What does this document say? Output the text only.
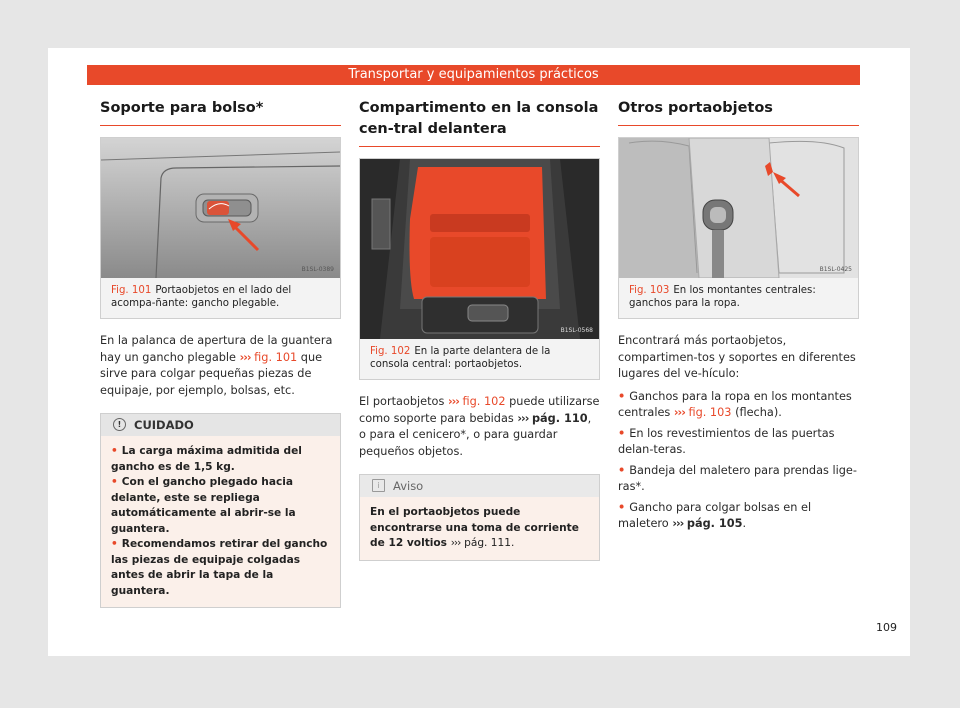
Transportar y equipamientos prácticos
Soporte para bolso*
B1SL-0389
Fig. 101 Portaobjetos en el lado del acompa-ñante: gancho plegable.
En la palanca de apertura de la guantera hay un gancho plegable ››› fig. 101 que sirve para colgar pequeñas piezas de equipaje, por ejemplo, bolsas, etc.
! CUIDADO
• La carga máxima admitida del gancho es de 1,5 kg.
• Con el gancho plegado hacia delante, este se repliega automáticamente al abrir-se la guantera.
• Recomendamos retirar del gancho las piezas de equipaje colgadas antes de abrir la tapa de la guantera.
Compartimento en la consola cen-tral delantera
B1SL-0568
Fig. 102 En la parte delantera de la consola central: portaobjetos.
El portaobjetos ››› fig. 102 puede utilizarse como soporte para bebidas ››› pág. 110, o para el cenicero*, o para guardar pequeños objetos.
i Aviso
En el portaobjetos puede encontrarse una toma de corriente de 12 voltios ››› pág. 111.
Otros portaobjetos
B1SL-0425
Fig. 103 En los montantes centrales: ganchos para la ropa.
Encontrará más portaobjetos, compartimen-tos y soportes en diferentes lugares del ve-hículo:
• Ganchos para la ropa en los montantes centrales ››› fig. 103 (flecha).
• En los revestimientos de las puertas delan-teras.
• Bandeja del maletero para prendas lige-ras*.
• Gancho para colgar bolsas en el maletero ››› pág. 105.
109
